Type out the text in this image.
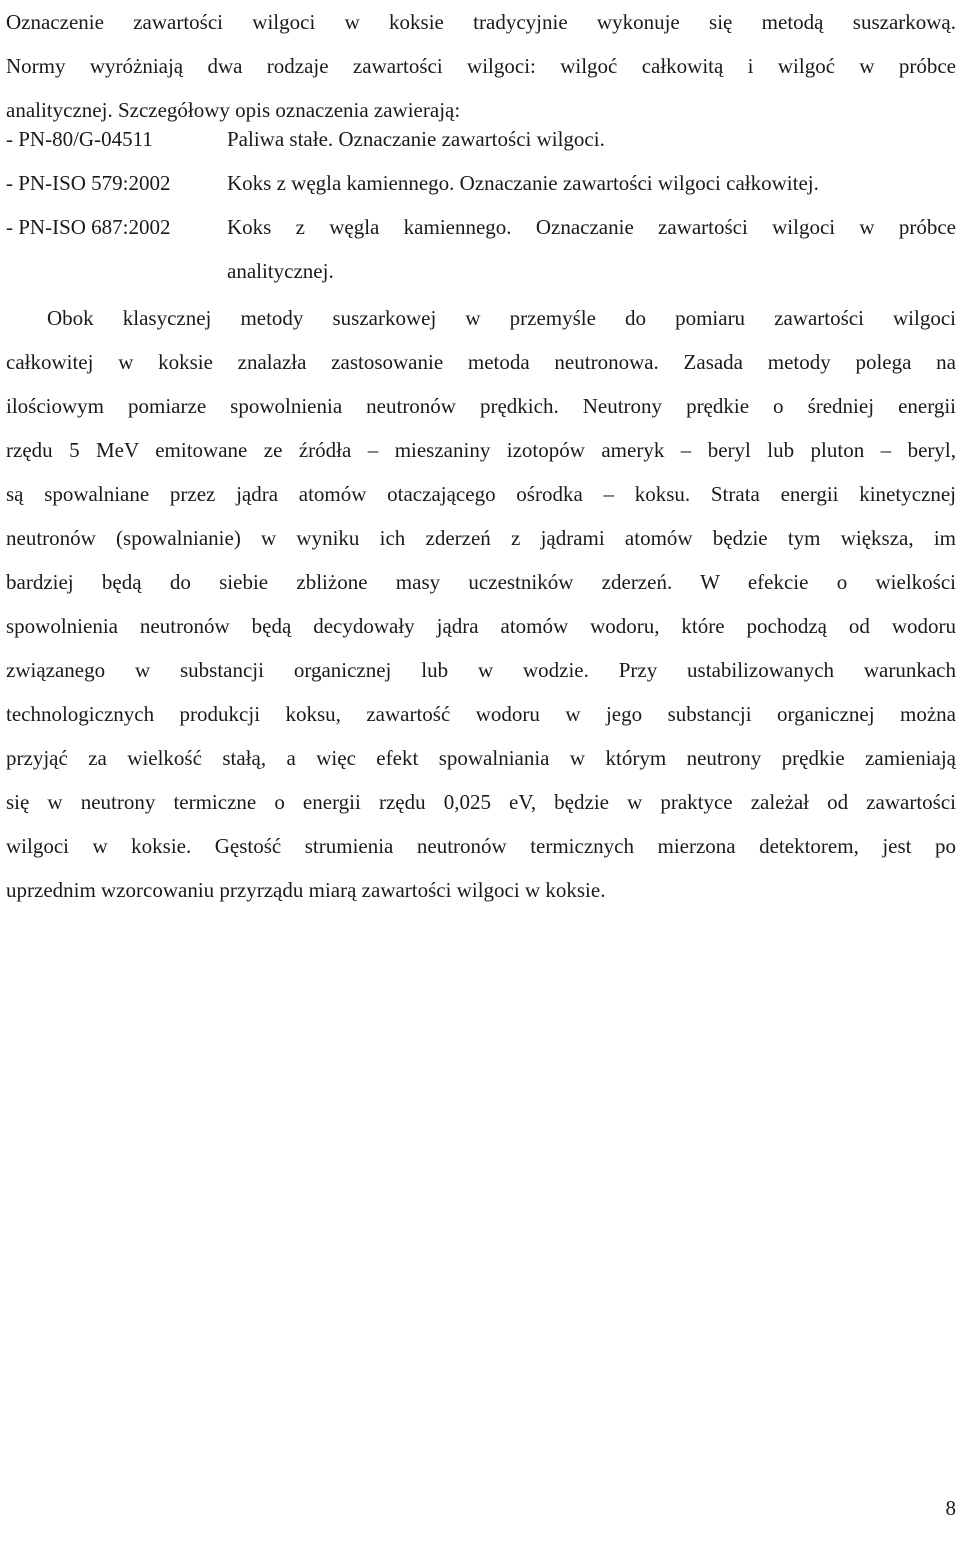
Oznaczenie zawartości wilgoci w koksie tradycyjnie wykonuje się metodą suszarkową.
Normy wyróżniają dwa rodzaje zawartości wilgoci: wilgoć całkowitą i wilgoć w próbce
analitycznej. Szczegółowy opis oznaczenia zawierają:
- PN-80/G-04511	Paliwa stałe. Oznaczanie zawartości wilgoci.
- PN-ISO 579:2002	Koks z węgla kamiennego. Oznaczanie zawartości wilgoci całkowitej.
- PN-ISO 687:2002	Koks z węgla kamiennego. Oznaczanie zawartości wilgoci w próbce
analitycznej.
Obok klasycznej metody suszarkowej w przemyśle do pomiaru zawartości wilgoci
całkowitej w koksie znalazła zastosowanie metoda neutronowa. Zasada metody polega na
ilościowym pomiarze spowolnienia neutronów prędkich. Neutrony prędkie o średniej energii
rzędu 5 MeV emitowane ze źródła – mieszaniny izotopów ameryk – beryl lub pluton – beryl,
są spowalniane przez jądra atomów otaczającego ośrodka – koksu. Strata energii kinetycznej
neutronów (spowalnianie) w wyniku ich zderzeń z jądrami atomów będzie tym większa, im
bardziej będą do siebie zbliżone masy uczestników zderzeń. W efekcie o wielkości
spowolnienia neutronów będą decydowały jądra atomów wodoru, które pochodzą od wodoru
związanego w substancji organicznej lub w wodzie. Przy ustabilizowanych warunkach
technologicznych produkcji koksu, zawartość wodoru w jego substancji organicznej można
przyjąć za wielkość stałą, a więc efekt spowalniania w którym neutrony prędkie zamieniają
się w neutrony termiczne o energii rzędu 0,025 eV, będzie w praktyce zależał od zawartości
wilgoci w koksie. Gęstość strumienia neutronów termicznych mierzona detektorem, jest po
uprzednim wzorcowaniu przyrządu miarą zawartości wilgoci w koksie.
8
